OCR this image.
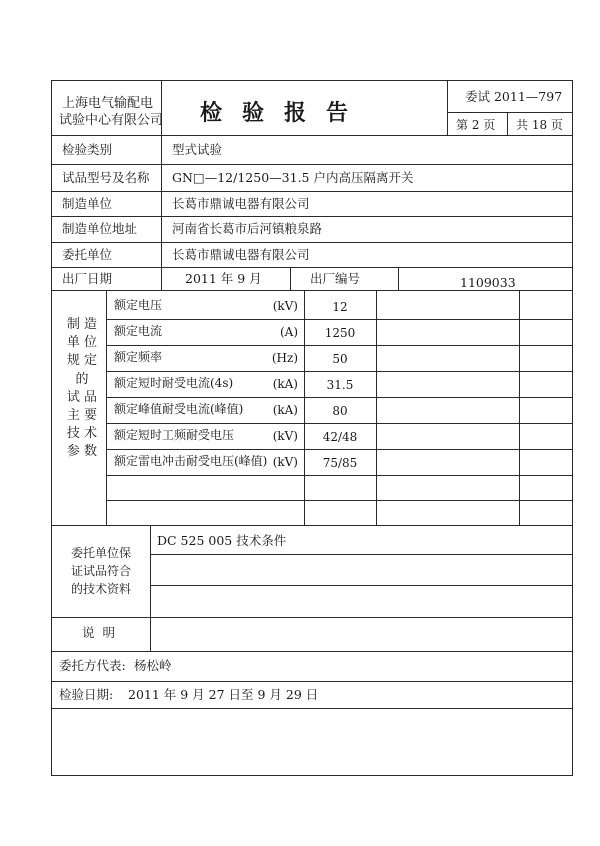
上海电气输配电
试验中心有限公司 检验报告
委试 2011—797
第 2 页 共 18 页
检验类别	型式试验
试品型号及名称 GN□—12/1250—31.5 户内高压隔离开关
制造单位	长葛市鼎诚电器有限公司
制造单位地址	河南省长葛市后河镇粮泉路
委托单位	长葛市鼎诚电器有限公司
出厂日期	2011 年 9 月	出厂编号	1109033
制 造
单 位
规 定
的
试 品
主 要
技 术
参 数
额定电压	(kV)	12
额定电流	(A)	1250
额定频率	(Hz)	50
额定短时耐受电流(4s)	(kA)	31.5
额定峰值耐受电流(峰值)	(kA)	80
额定短时工频耐受电压	(kV)	42/48
额定雷电冲击耐受电压(峰值) (kV)	75/85
委托单位保
证试品符合
的技术资料
DC 525 005 技术条件
说 明
委托方代表: 杨松岭
检验日期: 2011 年 9 月 27 日至 9 月 29 日
